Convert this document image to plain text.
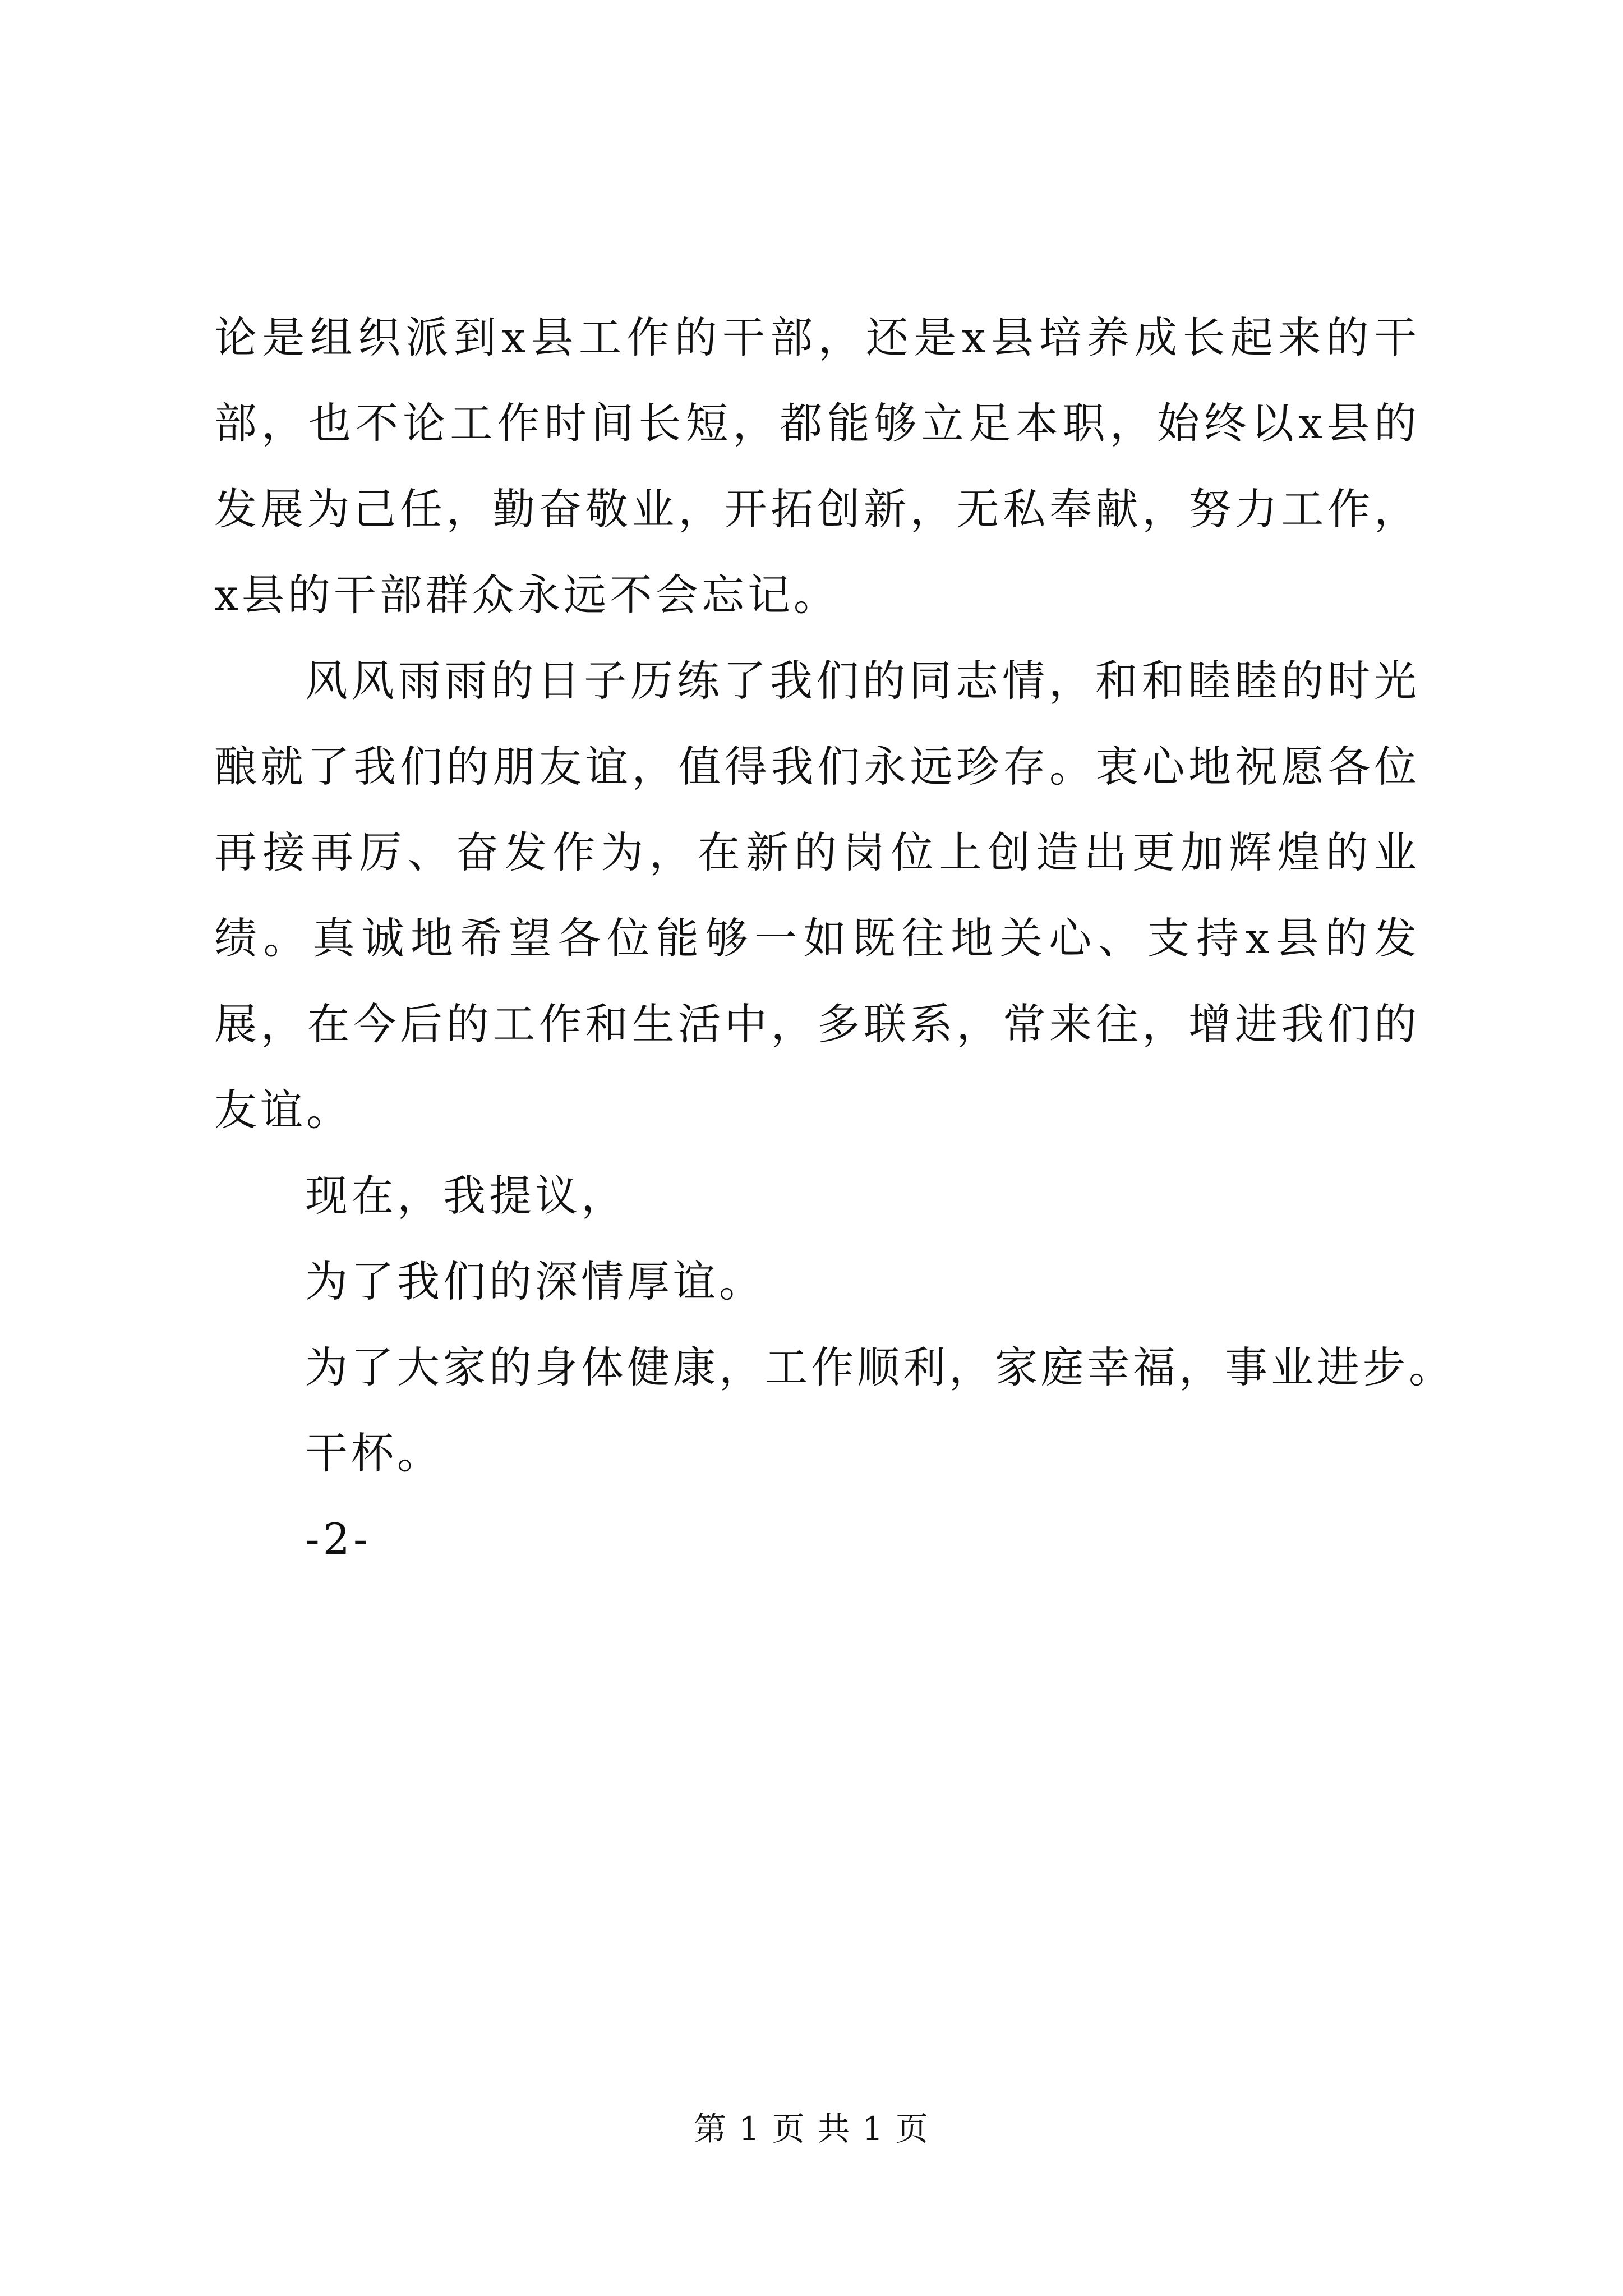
论是组织派到x县工作的干部，还是x县培养成长起来的干部，也不论工作时间长短，都能够立足本职，始终以x县的发展为己任，勤奋敬业，开拓创新，无私奉献，努力工作，x县的干部群众永远不会忘记。

风风雨雨的日子历练了我们的同志情，和和睦睦的时光酿就了我们的朋友谊，值得我们永远珍存。衷心地祝愿各位再接再厉、奋发作为，在新的岗位上创造出更加辉煌的业绩。真诚地希望各位能够一如既往地关心、支持x县的发展，在今后的工作和生活中，多联系，常来往，增进我们的友谊。

现在，我提议，

为了我们的深情厚谊。

为了大家的身体健康，工作顺利，家庭幸福，事业进步。

干杯。

-2-

第 1 页 共 1 页
